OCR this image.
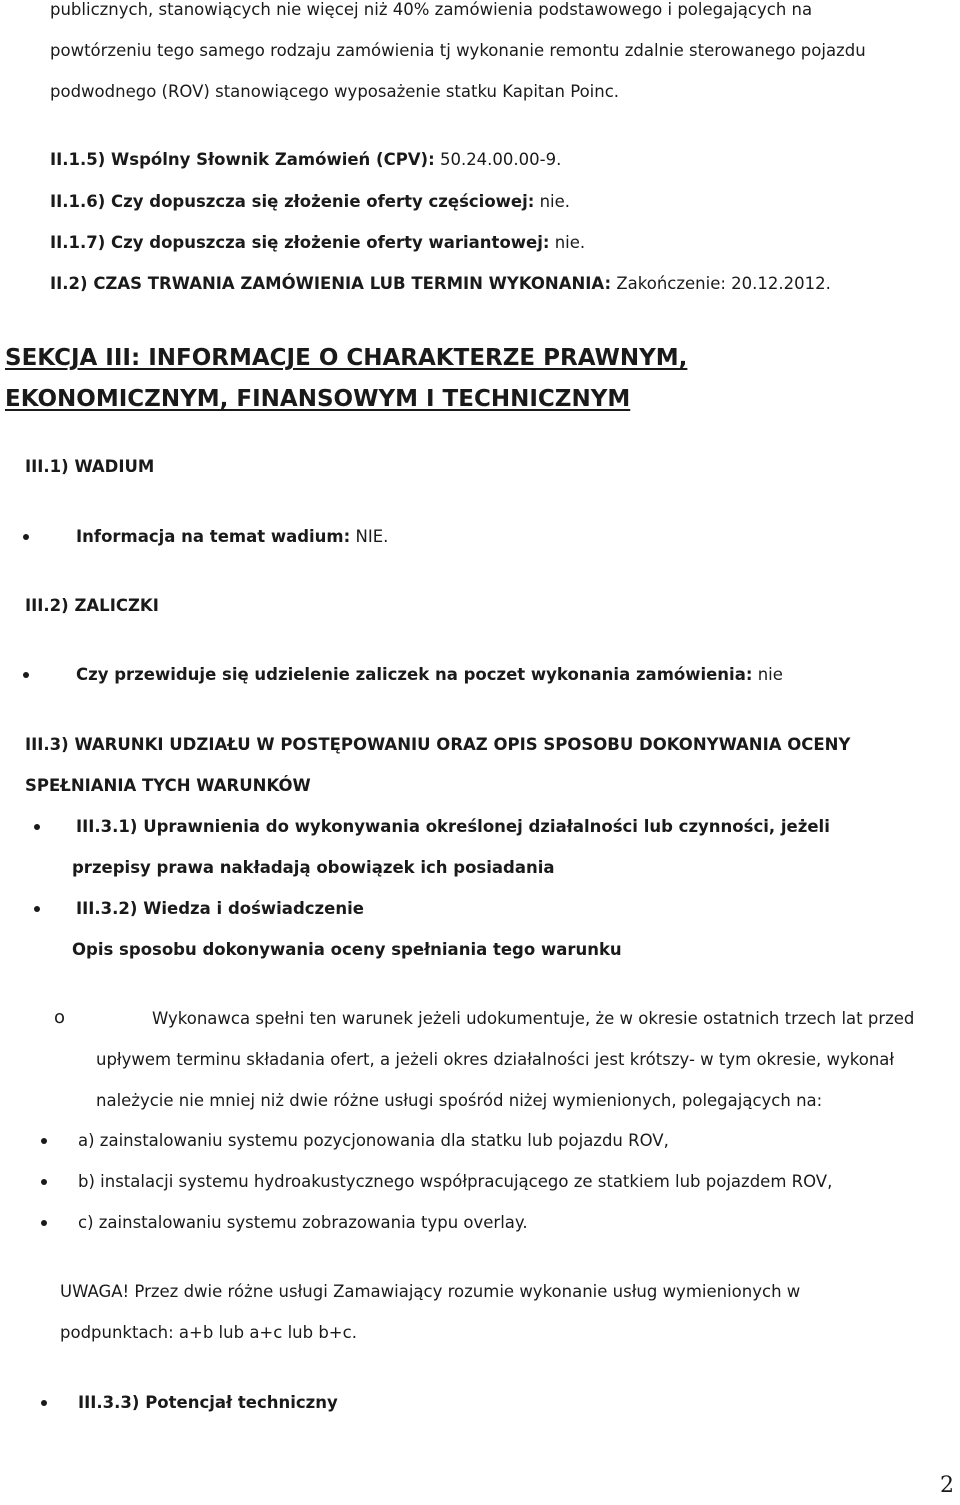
publicznych, stanowiących nie więcej niż 40% zamówienia podstawowego i polegających na
powtórzeniu tego samego rodzaju zamówienia tj wykonanie remontu zdalnie sterowanego pojazdu
podwodnego (ROV) stanowiącego wyposażenie statku Kapitan Poinc.
II.1.5) Wspólny Słownik Zamówień (CPV): 50.24.00.00-9.
II.1.6) Czy dopuszcza się złożenie oferty częściowej: nie.
II.1.7) Czy dopuszcza się złożenie oferty wariantowej: nie.
II.2) CZAS TRWANIA ZAMÓWIENIA LUB TERMIN WYKONANIA: Zakończenie: 20.12.2012.
SEKCJA III: INFORMACJE O CHARAKTERZE PRAWNYM,
EKONOMICZNYM, FINANSOWYM I TECHNICZNYM
III.1) WADIUM
Informacja na temat wadium: NIE.
III.2) ZALICZKI
Czy przewiduje się udzielenie zaliczek na poczet wykonania zamówienia: nie
III.3) WARUNKI UDZIAŁU W POSTĘPOWANIU ORAZ OPIS SPOSOBU DOKONYWANIA OCENY
SPEŁNIANIA TYCH WARUNKÓW
III.3.1) Uprawnienia do wykonywania określonej działalności lub czynności, jeżeli
przepisy prawa nakładają obowiązek ich posiadania
III.3.2) Wiedza i doświadczenie
Opis sposobu dokonywania oceny spełniania tego warunku
o	Wykonawca spełni ten warunek jeżeli udokumentuje, że w okresie ostatnich trzech lat przed
upływem terminu składania ofert, a jeżeli okres działalności jest krótszy- w tym okresie, wykonał
należycie nie mniej niż dwie różne usługi spośród niżej wymienionych, polegających na:
a) zainstalowaniu systemu pozycjonowania dla statku lub pojazdu ROV,
b) instalacji systemu hydroakustycznego współpracującego ze statkiem lub pojazdem ROV,
c) zainstalowaniu systemu zobrazowania typu overlay.
UWAGA! Przez dwie różne usługi Zamawiający rozumie wykonanie usług wymienionych w
podpunktach: a+b lub a+c lub b+c.
III.3.3) Potencjał techniczny
2
